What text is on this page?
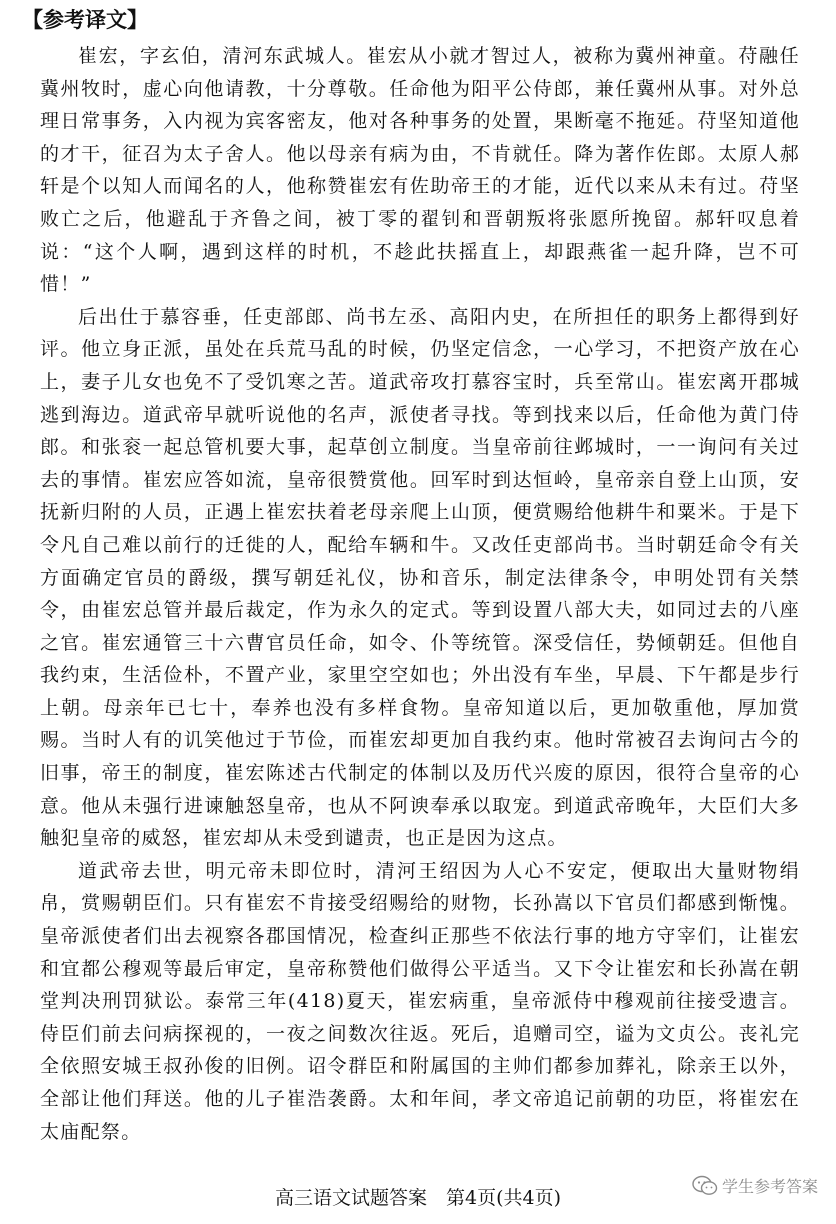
【参考译文】

崔宏，字玄伯，清河东武城人。崔宏从小就才智过人，被称为冀州神童。苻融任冀州牧时，虚心向他请教，十分尊敬。任命他为阳平公侍郎，兼任冀州从事。对外总理日常事务，入内视为宾客密友，他对各种事务的处置，果断毫不拖延。苻坚知道他的才干，征召为太子舍人。他以母亲有病为由，不肯就任。降为著作佐郎。太原人郝轩是个以知人而闻名的人，他称赞崔宏有佐助帝王的才能，近代以来从未有过。苻坚败亡之后，他避乱于齐鲁之间，被丁零的翟钊和晋朝叛将张愿所挽留。郝轩叹息着说：“这个人啊，遇到这样的时机，不趁此扶摇直上，却跟燕雀一起升降，岂不可惜！”

后出仕于慕容垂，任吏部郎、尚书左丞、高阳内史，在所担任的职务上都得到好评。他立身正派，虽处在兵荒马乱的时候，仍坚定信念，一心学习，不把资产放在心上，妻子儿女也免不了受饥寒之苦。道武帝攻打慕容宝时，兵至常山。崔宏离开郡城逃到海边。道武帝早就听说他的名声，派使者寻找。等到找来以后，任命他为黄门侍郎。和张衮一起总管机要大事，起草创立制度。当皇帝前往邺城时，一一询问有关过去的事情。崔宏应答如流，皇帝很赞赏他。回军时到达恒岭，皇帝亲自登上山顶，安抚新归附的人员，正遇上崔宏扶着老母亲爬上山顶，便赏赐给他耕牛和粟米。于是下令凡自己难以前行的迁徙的人，配给车辆和牛。又改任吏部尚书。当时朝廷命令有关方面确定官员的爵级，撰写朝廷礼仪，协和音乐，制定法律条令，申明处罚有关禁令，由崔宏总管并最后裁定，作为永久的定式。等到设置八部大夫，如同过去的八座之官。崔宏通管三十六曹官员任命，如令、仆等统管。深受信任，势倾朝廷。但他自我约束，生活俭朴，不置产业，家里空空如也；外出没有车坐，早晨、下午都是步行上朝。母亲年已七十，奉养也没有多样食物。皇帝知道以后，更加敬重他，厚加赏赐。当时人有的讥笑他过于节俭，而崔宏却更加自我约束。他时常被召去询问古今的旧事，帝王的制度，崔宏陈述古代制定的体制以及历代兴废的原因，很符合皇帝的心意。他从未强行进谏触怒皇帝，也从不阿谀奉承以取宠。到道武帝晚年，大臣们大多触犯皇帝的威怒，崔宏却从未受到谴责，也正是因为这点。

道武帝去世，明元帝未即位时，清河王绍因为人心不安定，便取出大量财物绢帛，赏赐朝臣们。只有崔宏不肯接受绍赐给的财物，长孙嵩以下官员们都感到惭愧。皇帝派使者们出去视察各郡国情况，检查纠正那些不依法行事的地方守宰们，让崔宏和宜都公穆观等最后审定，皇帝称赞他们做得公平适当。又下令让崔宏和长孙嵩在朝堂判决刑罚狱讼。泰常三年(418)夏天，崔宏病重，皇帝派侍中穆观前往接受遗言。侍臣们前去问病探视的，一夜之间数次往返。死后，追赠司空，谥为文贞公。丧礼完全依照安城王叔孙俊的旧例。诏令群臣和附属国的主帅们都参加葬礼，除亲王以外，全部让他们拜送。他的儿子崔浩袭爵。太和年间，孝文帝追记前朝的功臣，将崔宏在太庙配祭。

高三语文试题答案　第4页(共4页)
学生参考答案
